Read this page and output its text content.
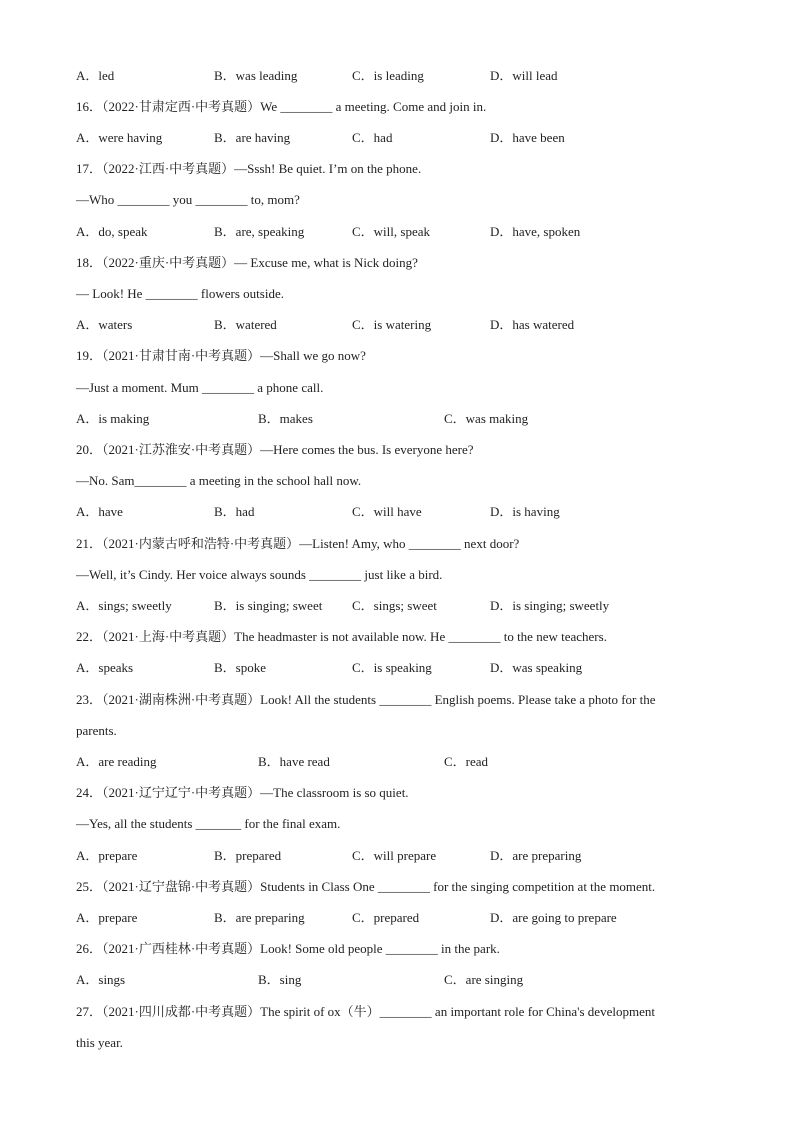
A．led	B．was leading	C．is leading	D．will lead
16．（2022·甘肃定西·中考真题）We ________ a meeting. Come and join in.
A．were having	B．are having	C．had	D．have been
17．（2022·江西·中考真题）—Sssh! Be quiet. I’m on the phone.
—Who ________ you ________ to, mom?
A．do, speak	B．are, speaking	C．will, speak	D．have, spoken
18．（2022·重庆·中考真题）— Excuse me, what is Nick doing?
— Look! He ________ flowers outside.
A．waters	B．watered	C．is watering	D．has watered
19．（2021·甘肃甘南·中考真题）—Shall we go now?
—Just a moment. Mum ________ a phone call.
A．is making	B．makes	C．was making
20．（2021·江苏淮安·中考真题）—Here comes the bus. Is everyone here?
—No. Sam________ a meeting in the school hall now.
A．have	B．had	C．will have	D．is having
21．（2021·内蒙古呼和浩特·中考真题）—Listen! Amy, who ________ next door?
—Well, it’s Cindy. Her voice always sounds ________ just like a bird.
A．sings; sweetly	B．is singing; sweet C．sings; sweet	D．is singing; sweetly
22．（2021·上海·中考真题）The headmaster is not available now. He ________ to the new teachers.
A．speaks	B．spoke	C．is speaking	D．was speaking
23．（2021·湖南株洲·中考真题）Look! All the students ________ English poems. Please take a photo for the
parents.
A．are reading	B．have read	C．read
24．（2021·辽宁辽宁·中考真题）—The classroom is so quiet.
—Yes, all the students _______ for the final exam.
A．prepare	B．prepared	C．will prepare	D．are preparing
25．（2021·辽宁盘锦·中考真题）Students in Class One ________ for the singing competition at the moment.
A．prepare	B．are preparing	C．prepared	D．are going to prepare
26．（2021·广西桂林·中考真题）Look! Some old people ________ in the park.
A．sings	B．sing	C．are singing
27．（2021·四川成都·中考真题）The spirit of ox（牛）________ an important role for China's development
this year.
